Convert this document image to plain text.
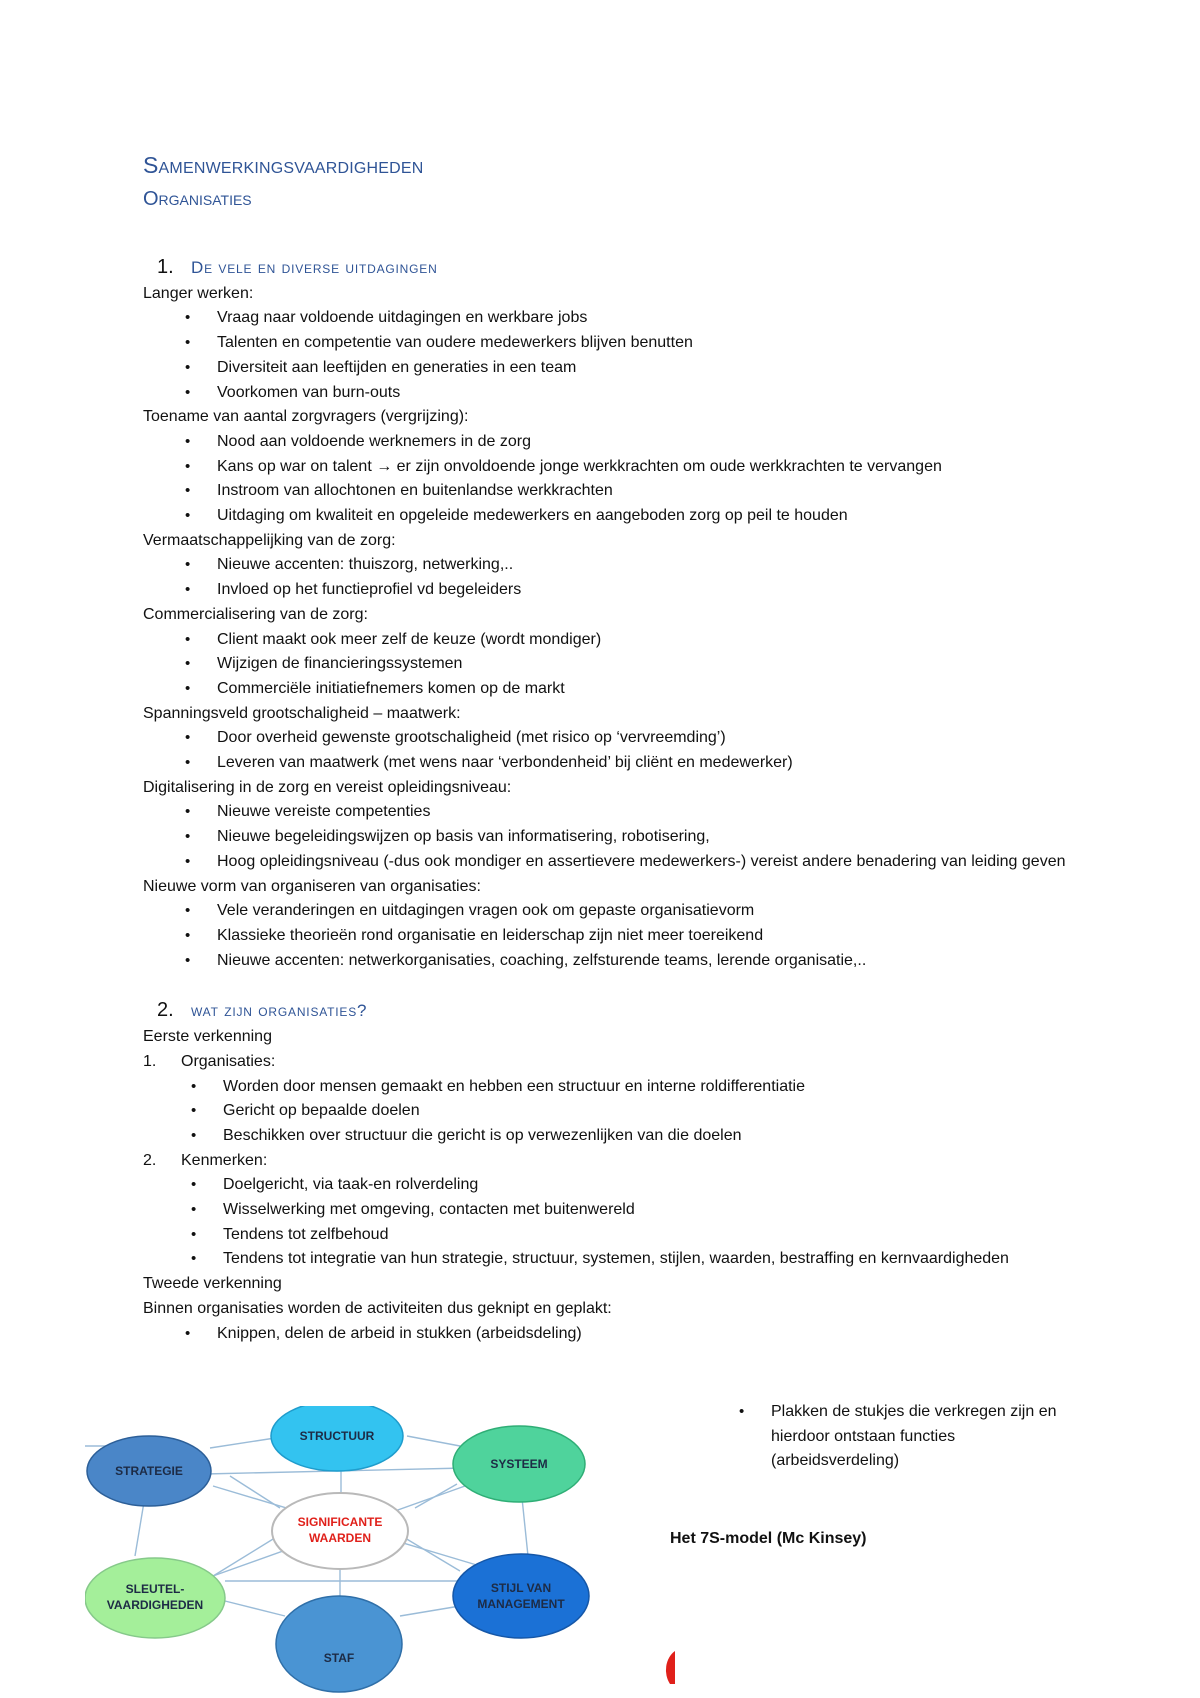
Samenwerkingsvaardigheden
Organisaties
1.	De vele en diverse uitdagingen

Langer werken:

• Vraag naar voldoende uitdagingen en werkbare jobs
• Talenten en competentie van oudere medewerkers blijven benutten
• Diversiteit aan leeftijden en generaties in een team
• Voorkomen van burn-outs

Toename van aantal zorgvragers (vergrijzing):

• Nood aan voldoende werknemers in de zorg
• Kans op war on talent → er zijn onvoldoende jonge werkkrachten om oude werkkrachten te vervangen
• Instroom van allochtonen en buitenlandse werkkrachten
• Uitdaging om kwaliteit en opgeleide medewerkers en aangeboden zorg op peil te houden

Vermaatschappelijking van de zorg:

• Nieuwe accenten: thuiszorg, netwerking,..
• Invloed op het functieprofiel vd begeleiders

Commercialisering van de zorg:

• Client maakt ook meer zelf de keuze (wordt mondiger)
• Wijzigen de financieringssystemen
• Commerciële initiatiefnemers komen op de markt

Spanningsveld grootschaligheid – maatwerk:

• Door overheid gewenste grootschaligheid (met risico op ‘vervreemding’)
• Leveren van maatwerk (met wens naar ‘verbondenheid’ bij cliënt en medewerker)

Digitalisering in de zorg en vereist opleidingsniveau:

• Nieuwe vereiste competenties
• Nieuwe begeleidingswijzen op basis van informatisering, robotisering,
• Hoog opleidingsniveau (-dus ook mondiger en assertievere medewerkers-) vereist andere benadering van leiding geven

Nieuwe vorm van organiseren van organisaties:

• Vele veranderingen en uitdagingen vragen ook om gepaste organisatievorm
• Klassieke theorieën rond organisatie en leiderschap zijn niet meer toereikend
• Nieuwe accenten: netwerkorganisaties, coaching, zelfsturende teams, lerende organisatie,..
2.	wat zijn organisaties?

Eerste verkenning

1.	Organisaties:
• Worden door mensen gemaakt en hebben een structuur en interne roldifferentiatie
• Gericht op bepaalde doelen
• Beschikken over structuur die gericht is op verwezenlijken van die doelen
2.	Kenmerken:
• Doelgericht, via taak-en rolverdeling
• Wisselwerking met omgeving, contacten met buitenwereld
• Tendens tot zelfbehoud
• Tendens tot integratie van hun strategie, structuur, systemen, stijlen, waarden, bestraffing en kernvaardigheden

Tweede verkenning

Binnen organisaties worden de activiteiten dus geknipt en geplakt:

• Knippen, delen de arbeid in stukken (arbeidsdeling)
• Plakken de stukjes die verkregen zijn en hierdoor ontstaan functies (arbeidsverdeling)
Het 7S-model (Mc Kinsey)
STRATEGIE
STRUCTUUR
SYSTEEM
SIGNIFICANTE
WAARDEN
SLEUTEL-
VAARDIGHEDEN
STIJL VAN
MANAGEMENT
STAF
